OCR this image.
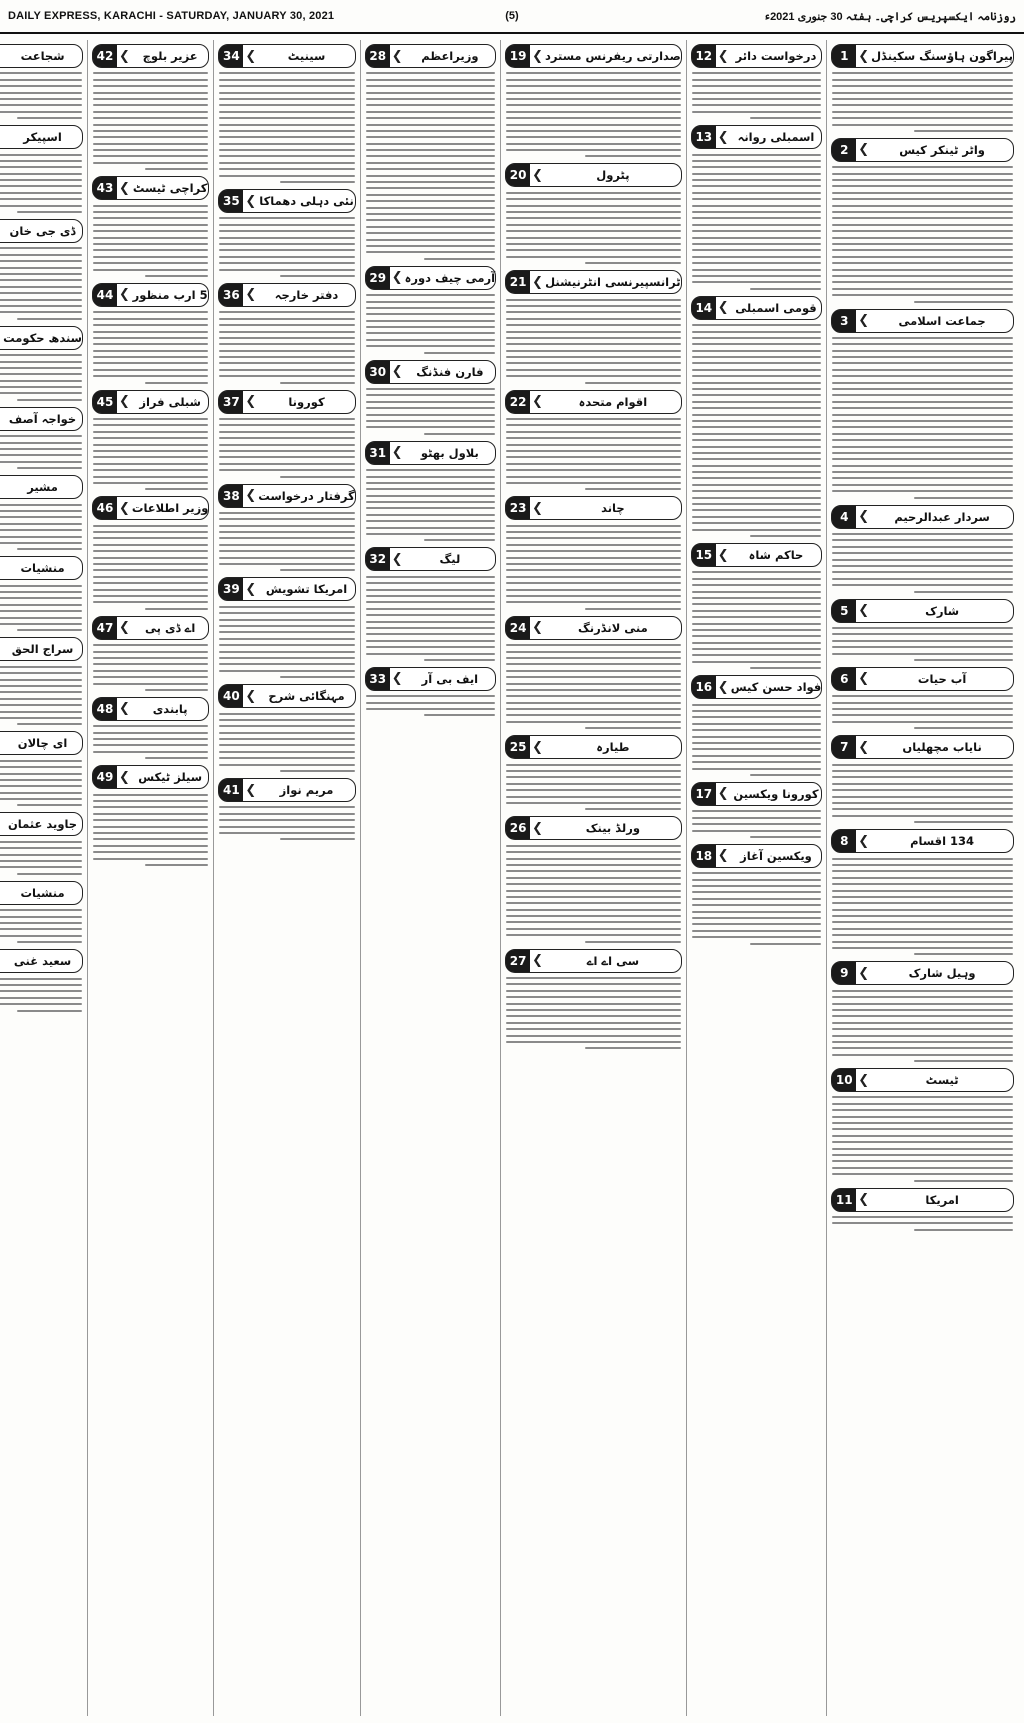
DAILY EXPRESS, KARACHI - SATURDAY, JANUARY 30, 2021	(5)	روزنامہ ایکسپریس کراچی۔ ہفتہ 30 جنوری 2021ء
پیراگون ہاؤسنگ سکینڈل
❯
1
واٹر ٹینکر کیس
❯
2
جماعت اسلامی
❯
3
سردار عبدالرحیم
❯
4
شارک
❯
5
آب حیات
❯
6
نایاب مچھلیاں
❯
7
134 اقسام
❯
8
وہیل شارک
❯
9
ٹیسٹ
❯
10
امریکا
❯
11
درخواست دائر
❯
12
اسمبلی روانہ
❯
13
قومی اسمبلی
❯
14
حاکم شاہ
❯
15
فواد حسن کیس
❯
16
کورونا ویکسین
❯
17
ویکسین آغاز
❯
18
صدارتی ریفرنس مسترد
❯
19
پٹرول
❯
20
ٹرانسپیرنسی انٹرنیشنل
❯
21
اقوام متحدہ
❯
22
چاند
❯
23
منی لانڈرنگ
❯
24
طیارہ
❯
25
ورلڈ بینک
❯
26
سی اے اے
❯
27
وزیراعظم
❯
28
آرمی چیف دورہ
❯
29
فارن فنڈنگ
❯
30
بلاول بھٹو
❯
31
لیگ
❯
32
ایف بی آر
❯
33
سینیٹ
❯
34
نئی دہلی دھماکا
❯
35
دفتر خارجہ
❯
36
کورونا
❯
37
گرفتار درخواست
❯
38
امریکا تشویش
❯
39
مہنگائی شرح
❯
40
مریم نواز
❯
41
عزیر بلوچ
❯
42
کراچی ٹیسٹ
❯
43
5 ارب منظور
❯
44
شبلی فراز
❯
45
وزیر اطلاعات
❯
46
اے ڈی پی
❯
47
پابندی
❯
48
سیلز ٹیکس
❯
49
شجاعت
اسپیکر
ڈی جی خان
سندھ حکومت
خواجہ آصف
مشیر
منشیات
سراج الحق
ای چالان
جاوید عثمان
منشیات
سعید غنی
